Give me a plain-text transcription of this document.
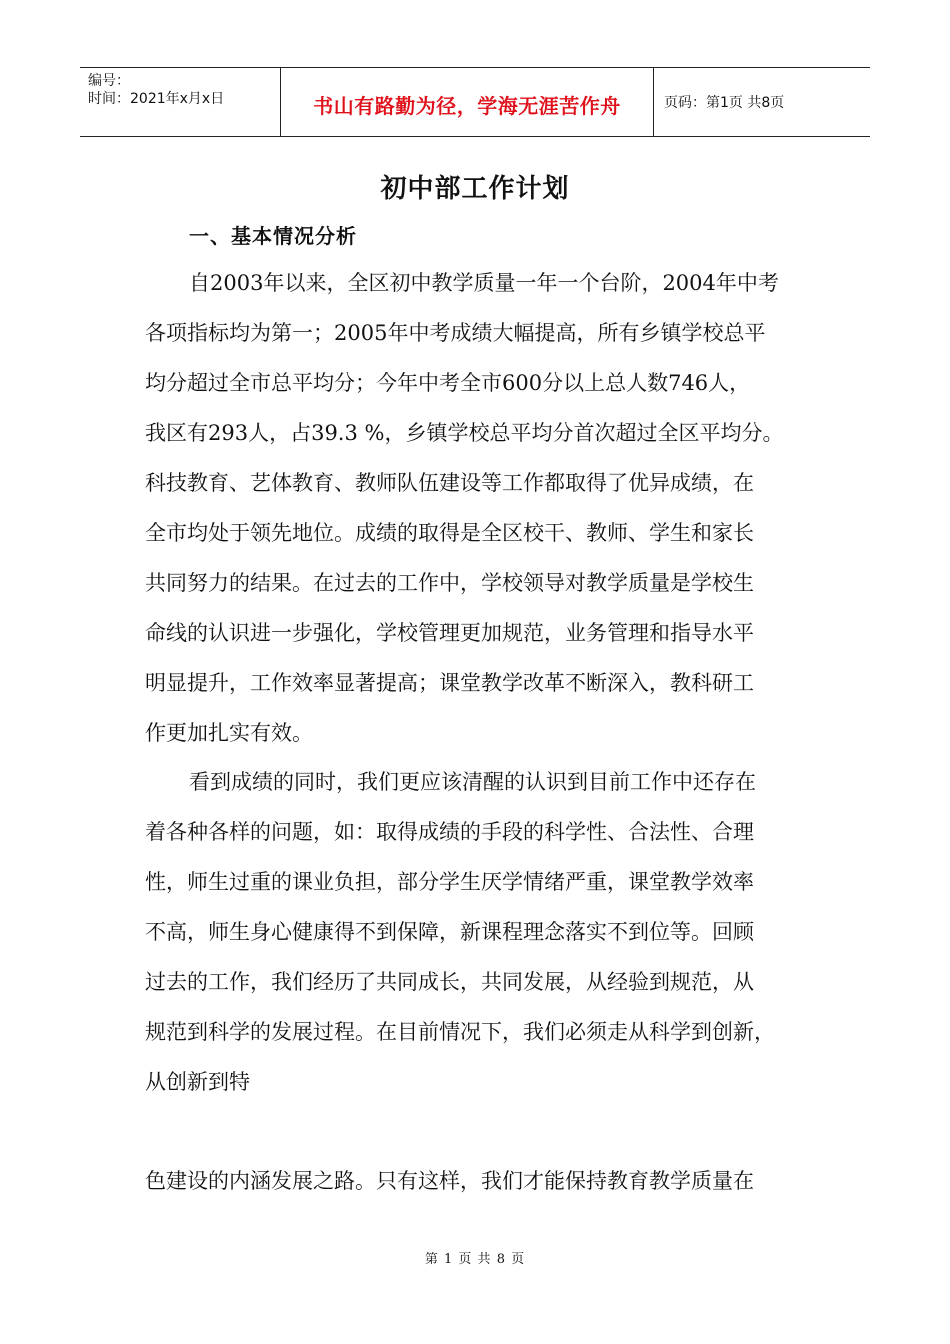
编号：
时间：2021年x月x日	书山有路勤为径，学海无涯苦作舟	页码：第1页 共8页
初中部工作计划
一、基本情况分析
自2003年以来，全区初中教学质量一年一个台阶，2004年中考
各项指标均为第一；2005年中考成绩大幅提高，所有乡镇学校总平
均分超过全市总平均分；今年中考全市600分以上总人数746人，
我区有293人，占39.3 %，乡镇学校总平均分首次超过全区平均分。
科技教育、艺体教育、教师队伍建设等工作都取得了优异成绩，在
全市均处于领先地位。成绩的取得是全区校干、教师、学生和家长
共同努力的结果。在过去的工作中，学校领导对教学质量是学校生
命线的认识进一步强化，学校管理更加规范，业务管理和指导水平
明显提升，工作效率显著提高；课堂教学改革不断深入，教科研工
作更加扎实有效。
看到成绩的同时，我们更应该清醒的认识到目前工作中还存在
着各种各样的问题，如：取得成绩的手段的科学性、合法性、合理
性，师生过重的课业负担，部分学生厌学情绪严重，课堂教学效率
不高，师生身心健康得不到保障，新课程理念落实不到位等。回顾
过去的工作，我们经历了共同成长，共同发展，从经验到规范，从
规范到科学的发展过程。在目前情况下，我们必须走从科学到创新，
从创新到特
色建设的内涵发展之路。只有这样，我们才能保持教育教学质量在
第 1 页 共 8 页
